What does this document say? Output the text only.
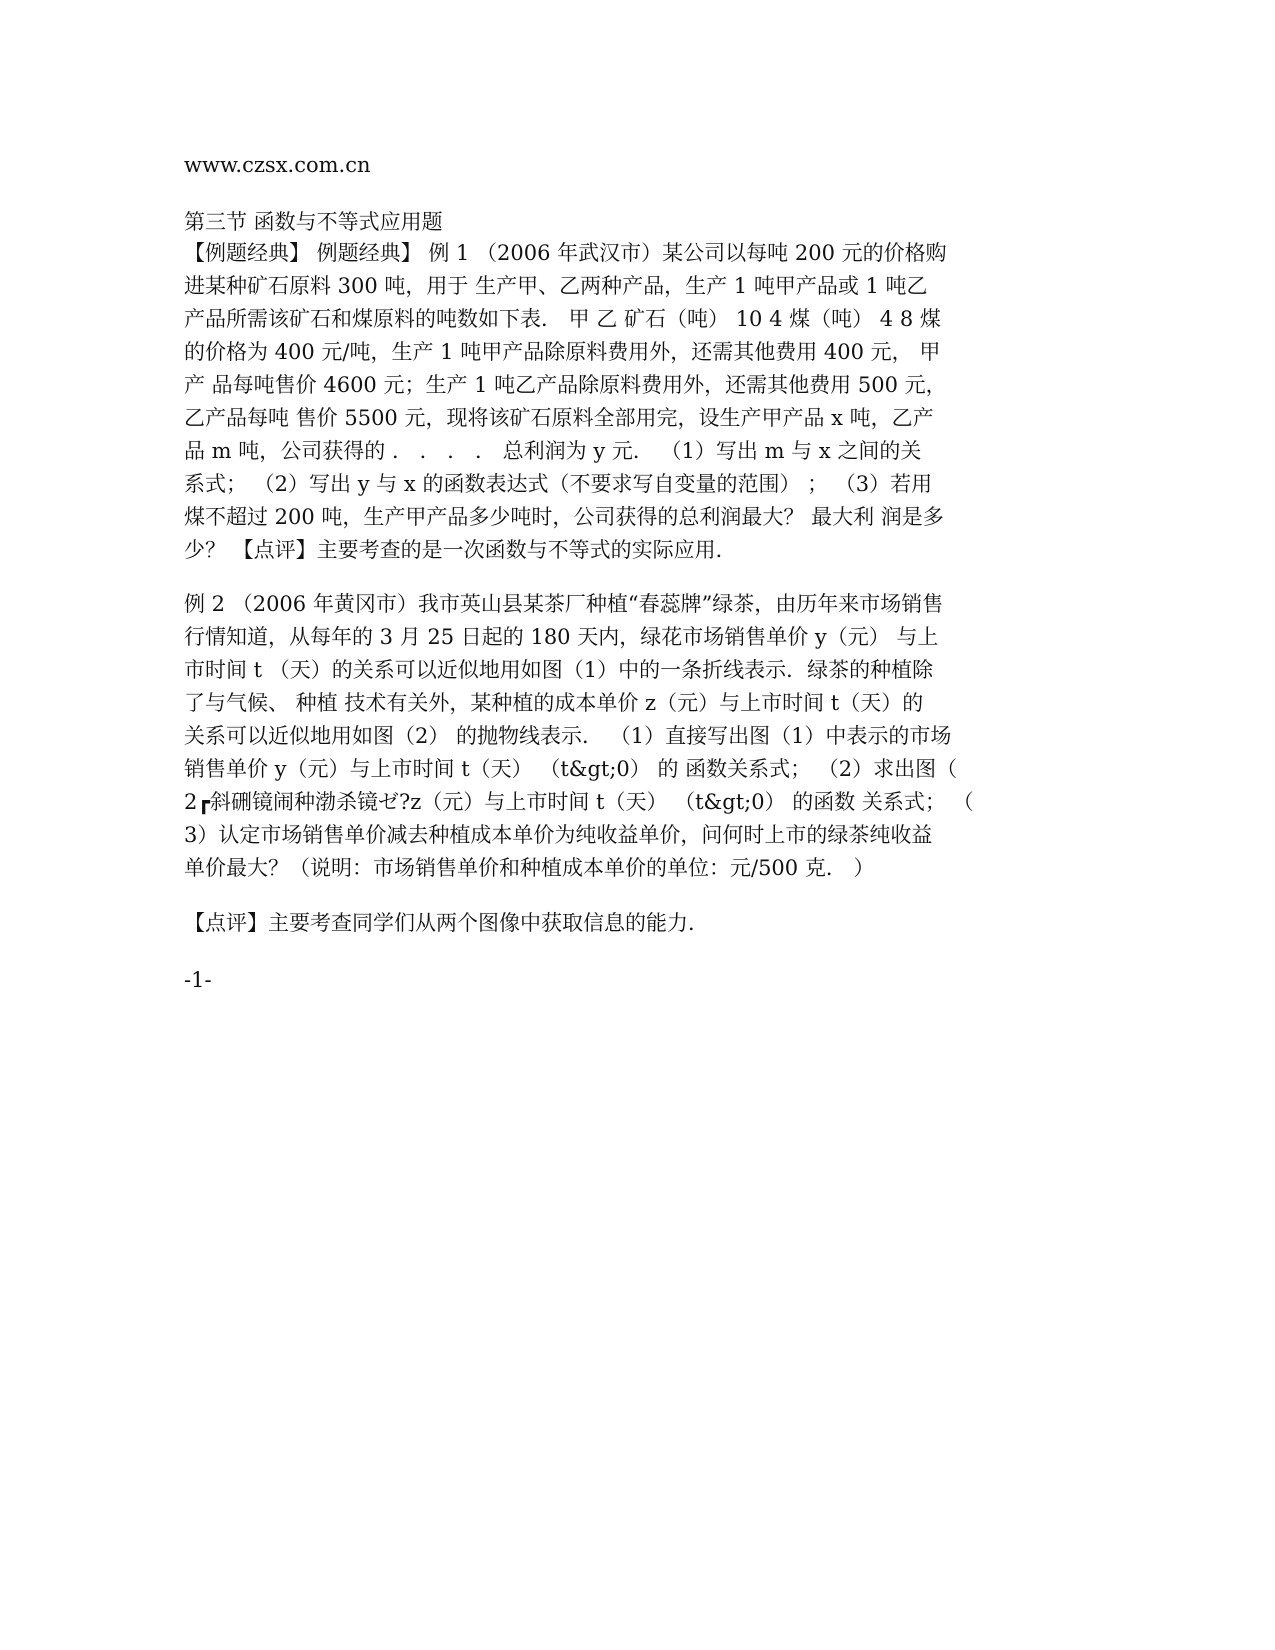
www.czsx.com.cn
第三节 函数与不等式应用题
【例题经典】 例题经典】 例 1 （2006 年武汉市）某公司以每吨 200 元的价格购
进某种矿石原料 300 吨，用于 生产甲、乙两种产品，生产 1 吨甲产品或 1 吨乙
产品所需该矿石和煤原料的吨数如下表． 甲 乙 矿石（吨） 10 4 煤（吨） 4 8 煤
的价格为 400 元/吨，生产 1 吨甲产品除原料费用外，还需其他费用 400 元， 甲
产 品每吨售价 4600 元；生产 1 吨乙产品除原料费用外，还需其他费用 500 元，
乙产品每吨 售价 5500 元，现将该矿石原料全部用完，设生产甲产品 x 吨，乙产
品 m 吨，公司获得的 ． ． ． ． 总利润为 y 元． （1）写出 m 与 x 之间的关
系式； （2）写出 y 与 x 的函数表达式（不要求写自变量的范围） ； （3）若用
煤不超过 200 吨，生产甲产品多少吨时，公司获得的总利润最大？ 最大利 润是多
少？ 【点评】主要考查的是一次函数与不等式的实际应用．
例 2 （2006 年黄冈市）我市英山县某茶厂种植“春蕊牌”绿茶，由历年来市场销售
行情知道，从每年的 3 月 25 日起的 180 天内，绿花市场销售单价 y（元） 与上
市时间 t （天）的关系可以近似地用如图（1）中的一条折线表示．绿茶的种植除
了与气候、 种植 技术有关外，某种植的成本单价 z（元）与上市时间 t（天）的
关系可以近似地用如图（2） 的抛物线表示． （1）直接写出图（1）中表示的市场
销售单价 y（元）与上市时间 t（天） （t&gt;0） 的 函数关系式； （2）求出图（
2┏斜硎镜闹种渤杀镜ゼ?z（元）与上市时间 t（天） （t&gt;0） 的函数 关系式； （
3）认定市场销售单价减去种植成本单价为纯收益单价，问何时上市的绿茶纯收益
单价最大？（说明：市场销售单价和种植成本单价的单位：元/500 克． ）
【点评】主要考查同学们从两个图像中获取信息的能力．
-1-
